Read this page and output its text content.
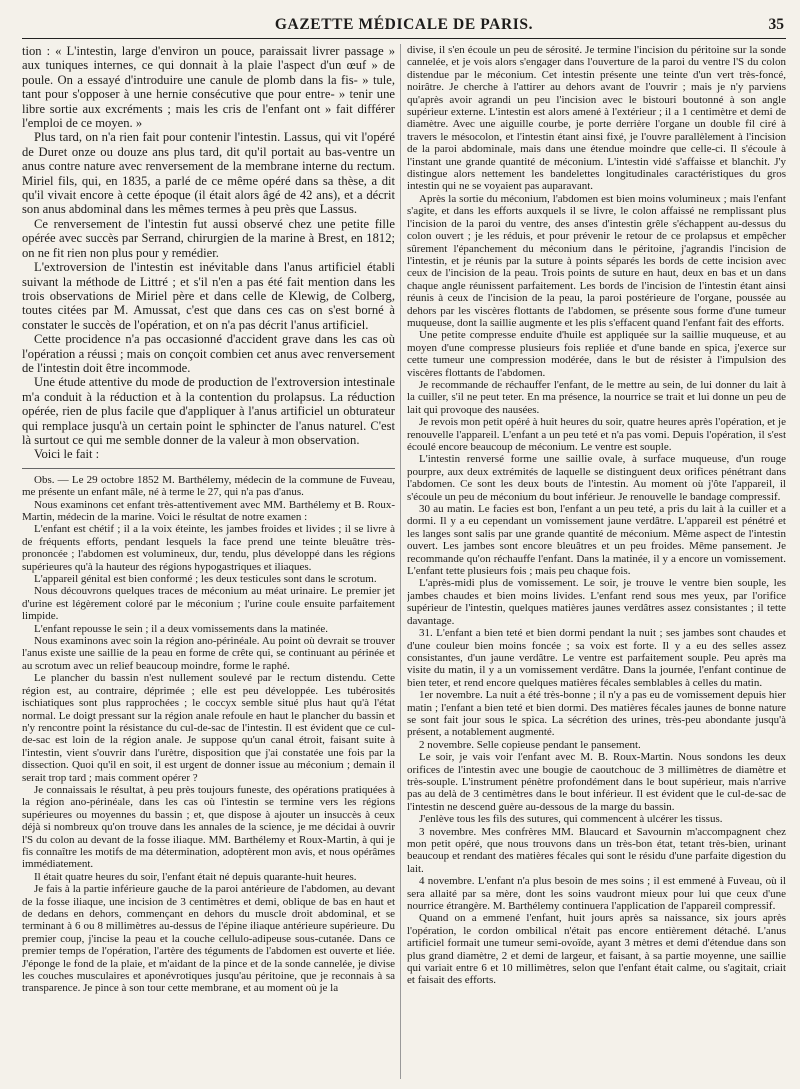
GAZETTE MÉDICALE DE PARIS.	35

tion : « L'intestin, large d'environ un pouce, paraissait livrer passage » aux tuniques internes, ce qui donnait à la plaie l'aspect d'un œuf » de poule. On a essayé d'introduire une canule de plomb dans la fis- » tule, tant pour s'opposer à une hernie consécutive que pour entre- » tenir une libre sortie aux excréments ; mais les cris de l'enfant ont » fait différer l'emploi de ce moyen. »

Plus tard, on n'a rien fait pour contenir l'intestin. Lassus, qui vit l'opéré de Duret onze ou douze ans plus tard, dit qu'il portait au bas-ventre un anus contre nature avec renversement de la membrane interne du rectum. Miriel fils, qui, en 1835, a parlé de ce même opéré dans sa thèse, a dit qu'il vivait encore à cette époque (il était alors âgé de 42 ans), et a décrit son anus abdominal dans les mêmes termes à peu près que Lassus.

Ce renversement de l'intestin fut aussi observé chez une petite fille opérée avec succès par Serrand, chirurgien de la marine à Brest, en 1812; on ne fit rien non plus pour y remédier.

L'extroversion de l'intestin est inévitable dans l'anus artificiel établi suivant la méthode de Littré ; et s'il n'en a pas été fait mention dans les trois observations de Miriel père et dans celle de Klewig, de Colberg, toutes citées par M. Amussat, c'est que dans ces cas on s'est borné à constater le succès de l'opération, et on n'a pas décrit l'anus artificiel.

Cette procidence n'a pas occasionné d'accident grave dans les cas où l'opération a réussi ; mais on conçoit combien cet anus avec renversement de l'intestin doit être incommode.

Une étude attentive du mode de production de l'extroversion intestinale m'a conduit à la réduction et à la contention du prolapsus. La réduction opérée, rien de plus facile que d'appliquer à l'anus artificiel un obturateur qui remplace jusqu'à un certain point le sphincter de l'anus naturel. C'est là surtout ce qui me semble donner de la valeur à mon observation.

Voici le fait :

Obs. — Le 29 octobre 1852 M. Barthélemy, médecin de la commune de Fuveau, me présente un enfant mâle, né à terme le 27, qui n'a pas d'anus.

Nous examinons cet enfant très-attentivement avec MM. Barthélemy et B. Roux-Martin, médecin de la marine. Voici le résultat de notre examen :

L'enfant est chétif ; il a la voix éteinte, les jambes froides et livides ; il se livre à de fréquents efforts, pendant lesquels la face prend une teinte bleuâtre très-prononcée ; l'abdomen est volumineux, dur, tendu, plus développé dans les régions supérieures qu'à la hauteur des régions hypogastriques et iliaques.

L'appareil génital est bien conformé ; les deux testicules sont dans le scrotum.

Nous découvrons quelques traces de méconium au méat urinaire. Le premier jet d'urine est légèrement coloré par le méconium ; l'urine coule ensuite parfaitement limpide.

L'enfant repousse le sein ; il a deux vomissements dans la matinée.

Nous examinons avec soin la région ano-périnéale. Au point où devrait se trouver l'anus existe une saillie de la peau en forme de crête qui, se continuant au périnée et au scrotum avec un relief beaucoup moindre, forme le raphé.

Le plancher du bassin n'est nullement soulevé par le rectum distendu. Cette région est, au contraire, déprimée ; elle est peu développée. Les tubérosités ischiatiques sont plus rapprochées ; le coccyx semble situé plus haut qu'à l'état normal. Le doigt pressant sur la région anale refoule en haut le plancher du bassin et n'y rencontre point la résistance du cul-de-sac de l'intestin. Il est évident que ce cul-de-sac est loin de la région anale. Je suppose qu'un canal étroit, faisant suite à l'intestin, vient s'ouvrir dans l'urètre, disposition que j'ai constatée une fois par la dissection. Quoi qu'il en soit, il est urgent de donner issue au méconium ; demain il serait trop tard ; mais comment opérer ?

Je connaissais le résultat, à peu près toujours funeste, des opérations pratiquées à la région ano-périnéale, dans les cas où l'intestin se termine vers les régions supérieures ou moyennes du bassin ; et, que dispose à ajouter un insuccès à ceux déjà si nombreux qu'on trouve dans les annales de la science, je me décidai à ouvrir l'S du colon au devant de la fosse iliaque. MM. Barthélemy et Roux-Martin, à qui je fis connaître les motifs de ma détermination, adoptèrent mon avis, et nous opérâmes immédiatement.

Il était quatre heures du soir, l'enfant était né depuis quarante-huit heures.

Je fais à la partie inférieure gauche de la paroi antérieure de l'abdomen, au devant de la fosse iliaque, une incision de 3 centimètres et demi, oblique de bas en haut et de dedans en dehors, commençant en dehors du muscle droit abdominal, et se terminant à 6 ou 8 millimètres au-dessus de l'épine iliaque antérieure supérieure. Du premier coup, j'incise la peau et la couche cellulo-adipeuse sous-cutanée. Dans ce premier temps de l'opération, l'artère des téguments de l'abdomen est ouverte et liée. J'éponge le fond de la plaie, et m'aidant de la pince et de la sonde cannelée, je divise les couches musculaires et aponévrotiques jusqu'au péritoine, que je reconnais à sa transparence. Je pince à son tour cette membrane, et au moment où je la

divise, il s'en écoule un peu de sérosité. Je termine l'incision du péritoine sur la sonde cannelée, et je vois alors s'engager dans l'ouverture de la paroi du ventre l'S du colon distendue par le méconium. Cet intestin présente une teinte d'un vert très-foncé, noirâtre. Je cherche à l'attirer au dehors avant de l'ouvrir ; mais je n'y parviens qu'après avoir agrandi un peu l'incision avec le bistouri boutonné à son angle supérieur externe. L'intestin est alors amené à l'extérieur ; il a 1 centimètre et demi de diamètre. Avec une aiguille courbe, je porte derrière l'organe un double fil ciré à travers le mésocolon, et l'intestin étant ainsi fixé, je l'ouvre parallèlement à l'incision de la paroi abdominale, mais dans une étendue moindre que celle-ci. Il s'écoule à l'instant une grande quantité de méconium. L'intestin vidé s'affaisse et blanchit. J'y distingue alors nettement les bandelettes longitudinales caractéristiques du gros intestin qui ne se voyaient pas auparavant.

Après la sortie du méconium, l'abdomen est bien moins volumineux ; mais l'enfant s'agite, et dans les efforts auxquels il se livre, le colon affaissé ne remplissant plus l'incision de la paroi du ventre, des anses d'intestin grêle s'échappent au-dessus du colon ouvert ; je les réduis, et pour prévenir le retour de ce prolapsus et empêcher sûrement l'épanchement du méconium dans le péritoine, j'agrandis l'incision de l'intestin, et je réunis par la suture à points séparés les bords de cette incision avec ceux de l'incision de la peau. Trois points de suture en haut, deux en bas et un dans chaque angle réunissent parfaitement. Les bords de l'incision de l'intestin étant ainsi réunis à ceux de l'incision de la peau, la paroi postérieure de l'organe, poussée au dehors par les viscères flottants de l'abdomen, se présente sous forme d'une tumeur muqueuse, dont la saillie augmente et les plis s'effacent quand l'enfant fait des efforts.

Une petite compresse enduite d'huile est appliquée sur la saillie muqueuse, et au moyen d'une compresse plusieurs fois repliée et d'une bande en spica, j'exerce sur cette tumeur une compression modérée, dans le but de résister à l'impulsion des viscères flottants de l'abdomen.

Je recommande de réchauffer l'enfant, de le mettre au sein, de lui donner du lait à la cuiller, s'il ne peut teter. En ma présence, la nourrice se trait et lui donne un peu de lait qui provoque des nausées.

Je revois mon petit opéré à huit heures du soir, quatre heures après l'opération, et je renouvelle l'appareil. L'enfant a un peu teté et n'a pas vomi. Depuis l'opération, il s'est écoulé encore beaucoup de méconium. Le ventre est souple.

L'intestin renversé forme une saillie ovale, à surface muqueuse, d'un rouge pourpre, aux deux extrémités de laquelle se distinguent deux orifices pénétrant dans l'abdomen. Ce sont les deux bouts de l'intestin. Au moment où j'ôte l'appareil, il s'écoule un peu de méconium du bout inférieur. Je renouvelle le bandage compressif.

30 au matin. Le facies est bon, l'enfant a un peu teté, a pris du lait à la cuiller et a dormi. Il y a eu cependant un vomissement jaune verdâtre. L'appareil est pénétré et les langes sont salis par une grande quantité de méconium. Même aspect de l'intestin ouvert. Les jambes sont encore bleuâtres et un peu froides. Même pansement. Je recommande qu'on réchauffe l'enfant. Dans la matinée, il y a encore un vomissement. L'enfant tette plusieurs fois ; mais peu chaque fois.

L'après-midi plus de vomissement. Le soir, je trouve le ventre bien souple, les jambes chaudes et bien moins livides. L'enfant rend sous mes yeux, par l'orifice supérieur de l'intestin, quelques matières jaunes verdâtres assez consistantes ; il tette davantage.

31. L'enfant a bien teté et bien dormi pendant la nuit ; ses jambes sont chaudes et d'une couleur bien moins foncée ; sa voix est forte. Il y a eu des selles assez consistantes, d'un jaune verdâtre. Le ventre est parfaitement souple. Peu après ma visite du matin, il y a un vomissement verdâtre. Dans la journée, l'enfant continue de bien teter, et rend encore quelques matières fécales semblables à celles du matin.

1er novembre. La nuit a été très-bonne ; il n'y a pas eu de vomissement depuis hier matin ; l'enfant a bien teté et bien dormi. Des matières fécales jaunes de bonne nature se sont fait jour sous le spica. La sécrétion des urines, très-peu abondante jusqu'à présent, a notablement augmenté.

2 novembre. Selle copieuse pendant le pansement.

Le soir, je vais voir l'enfant avec M. B. Roux-Martin. Nous sondons les deux orifices de l'intestin avec une bougie de caoutchouc de 3 millimètres de diamètre et très-souple. L'instrument pénètre profondément dans le bout supérieur, mais n'arrive pas au delà de 3 centimètres dans le bout inférieur. Il est évident que le cul-de-sac de l'intestin ne descend guère au-dessous de la marge du bassin.

J'enlève tous les fils des sutures, qui commencent à ulcérer les tissus.

3 novembre. Mes confrères MM. Blaucard et Savournin m'accompagnent chez mon petit opéré, que nous trouvons dans un très-bon état, tetant très-bien, urinant beaucoup et rendant des matières fécales qui sont le résidu d'une parfaite digestion du lait.

4 novembre. L'enfant n'a plus besoin de mes soins ; il est emmené à Fuveau, où il sera allaité par sa mère, dont les soins vaudront mieux pour lui que ceux d'une nourrice étrangère. M. Barthélemy continuera l'application de l'appareil compressif.

Quand on a emmené l'enfant, huit jours après sa naissance, six jours après l'opération, le cordon ombilical n'était pas encore entièrement détaché. L'anus artificiel formait une tumeur semi-ovoïde, ayant 3 mètres et demi d'étendue dans son plus grand diamètre, 2 et demi de largeur, et faisant, à sa partie moyenne, une saillie qui variait entre 6 et 10 millimètres, selon que l'enfant était calme, ou s'agitait, criait et faisait des efforts.
